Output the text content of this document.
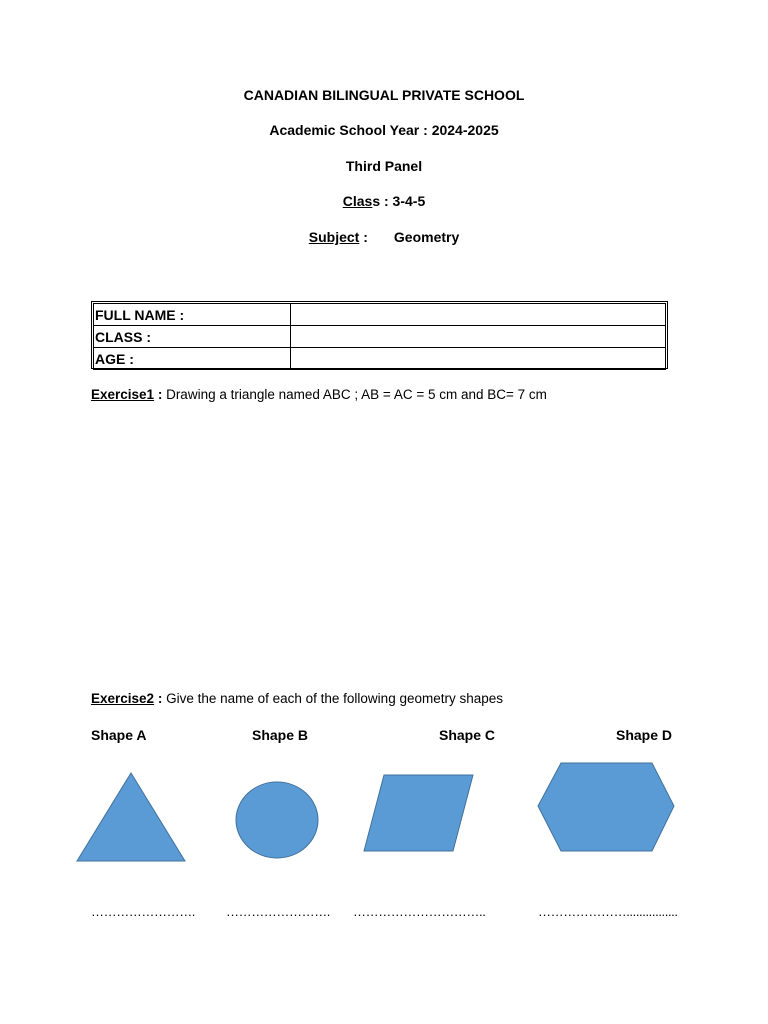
CANADIAN BILINGUAL PRIVATE SCHOOL

Academic School Year : 2024-2025

Third Panel

Class : 3-4-5

Subject : Geometry

FULL NAME :	
CLASS :	
AGE :	

Exercise1 : Drawing a triangle named ABC ; AB = AC = 5 cm and BC= 7 cm

Exercise2 : Give the name of each of the following geometry shapes

Shape A	Shape B	Shape C	Shape D

……………………. ……………………. …………………………..	…………………................
